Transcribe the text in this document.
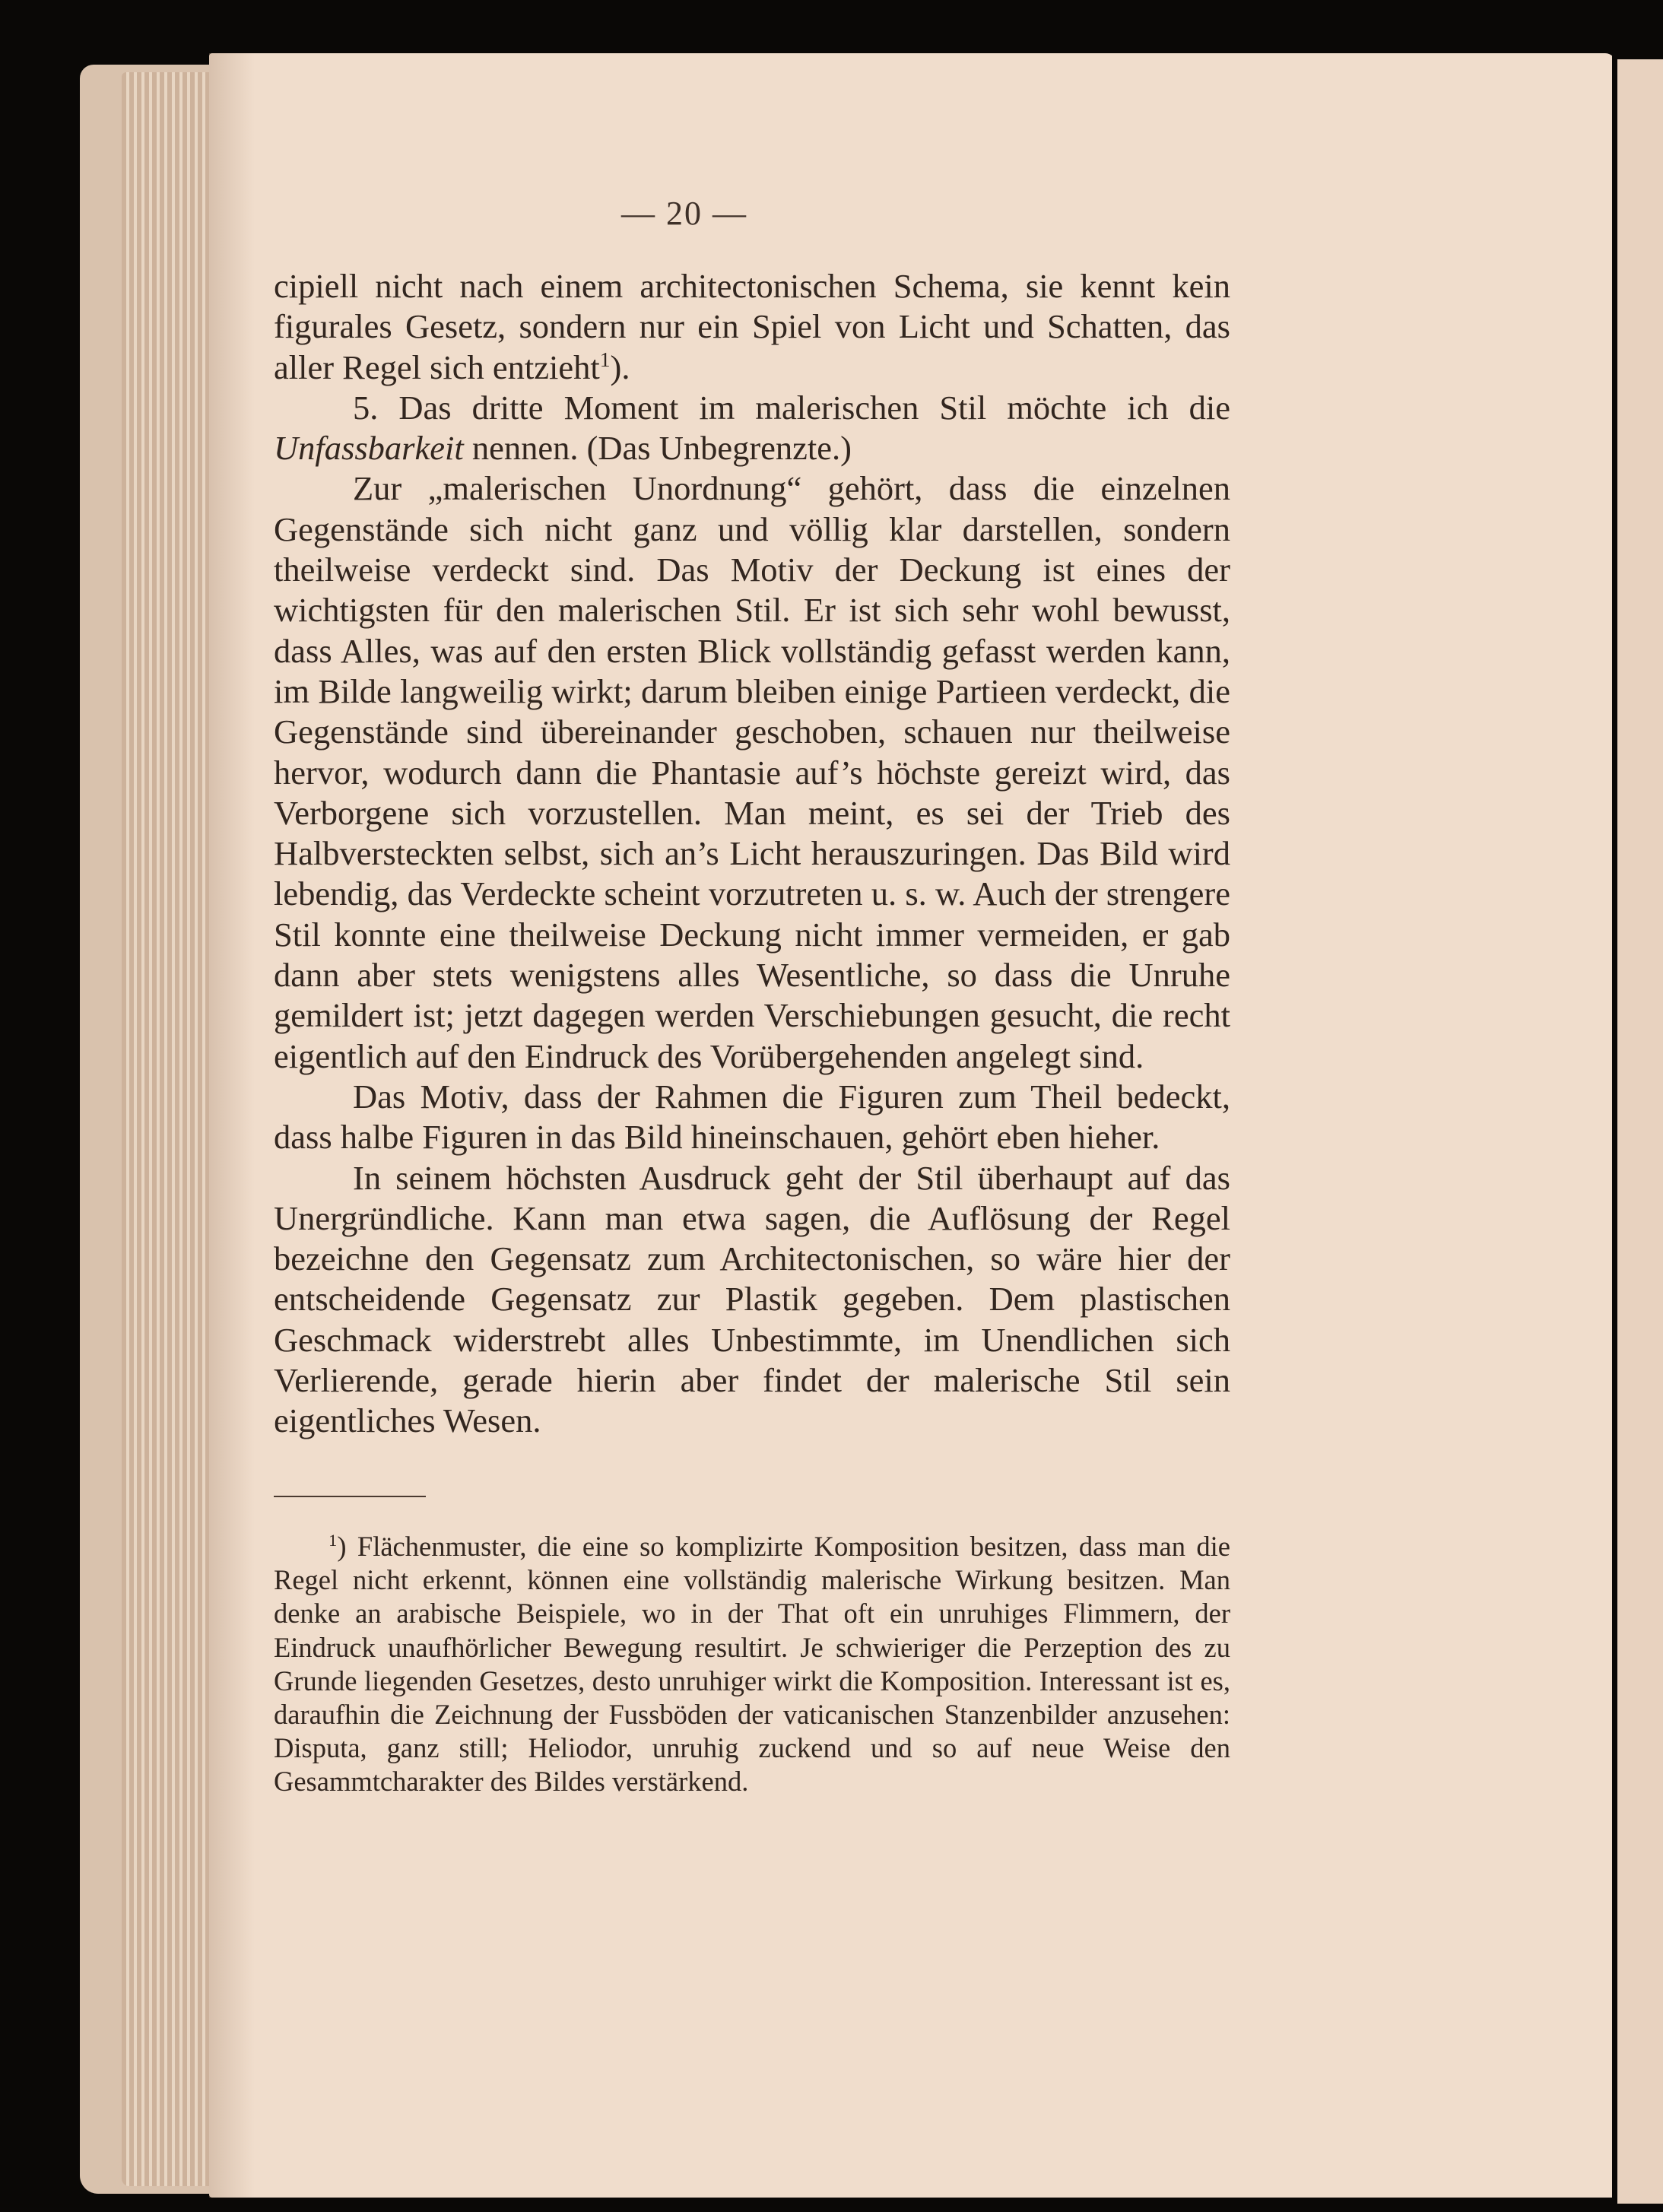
— 20 —

cipiell nicht nach einem architectonischen Schema, sie kennt kein figurales Gesetz, sondern nur ein Spiel von Licht und Schatten, das aller Regel sich entzieht$^1$).

5. Das dritte Moment im malerischen Stil möchte ich die Unfassbarkeit nennen. (Das Unbegrenzte.)

Zur „malerischen Unordnung“ gehört, dass die einzelnen Gegenstände sich nicht ganz und völlig klar darstellen, sondern theilweise verdeckt sind. Das Motiv der Deckung ist eines der wichtigsten für den malerischen Stil. Er ist sich sehr wohl bewusst, dass Alles, was auf den ersten Blick vollständig gefasst werden kann, im Bilde langweilig wirkt; darum bleiben einige Partieen verdeckt, die Gegenstände sind übereinander geschoben, schauen nur theilweise hervor, wodurch dann die Phantasie auf’s höchste gereizt wird, das Verborgene sich vorzustellen. Man meint, es sei der Trieb des Halbversteckten selbst, sich an’s Licht herauszuringen. Das Bild wird lebendig, das Verdeckte scheint vorzutreten u. s. w. Auch der strengere Stil konnte eine theilweise Deckung nicht immer vermeiden, er gab dann aber stets wenigstens alles Wesentliche, so dass die Unruhe gemildert ist; jetzt dagegen werden Verschiebungen gesucht, die recht eigentlich auf den Eindruck des Vorübergehenden angelegt sind.

Das Motiv, dass der Rahmen die Figuren zum Theil bedeckt, dass halbe Figuren in das Bild hineinschauen, gehört eben hieher.

In seinem höchsten Ausdruck geht der Stil überhaupt auf das Unergründliche. Kann man etwa sagen, die Auflösung der Regel bezeichne den Gegensatz zum Architectonischen, so wäre hier der entscheidende Gegensatz zur Plastik gegeben. Dem plastischen Geschmack widerstrebt alles Unbestimmte, im Unendlichen sich Verlierende, gerade hierin aber findet der malerische Stil sein eigentliches Wesen.

$^1$) Flächenmuster, die eine so komplizirte Komposition besitzen, dass man die Regel nicht erkennt, können eine vollständig malerische Wirkung besitzen. Man denke an arabische Beispiele, wo in der That oft ein unruhiges Flimmern, der Eindruck unaufhörlicher Bewegung resultirt. Je schwieriger die Perzeption des zu Grunde liegenden Gesetzes, desto unruhiger wirkt die Komposition. Interessant ist es, daraufhin die Zeichnung der Fussböden der vaticanischen Stanzenbilder anzusehen: Disputa, ganz still; Heliodor, unruhig zuckend und so auf neue Weise den Gesammtcharakter des Bildes verstärkend.
